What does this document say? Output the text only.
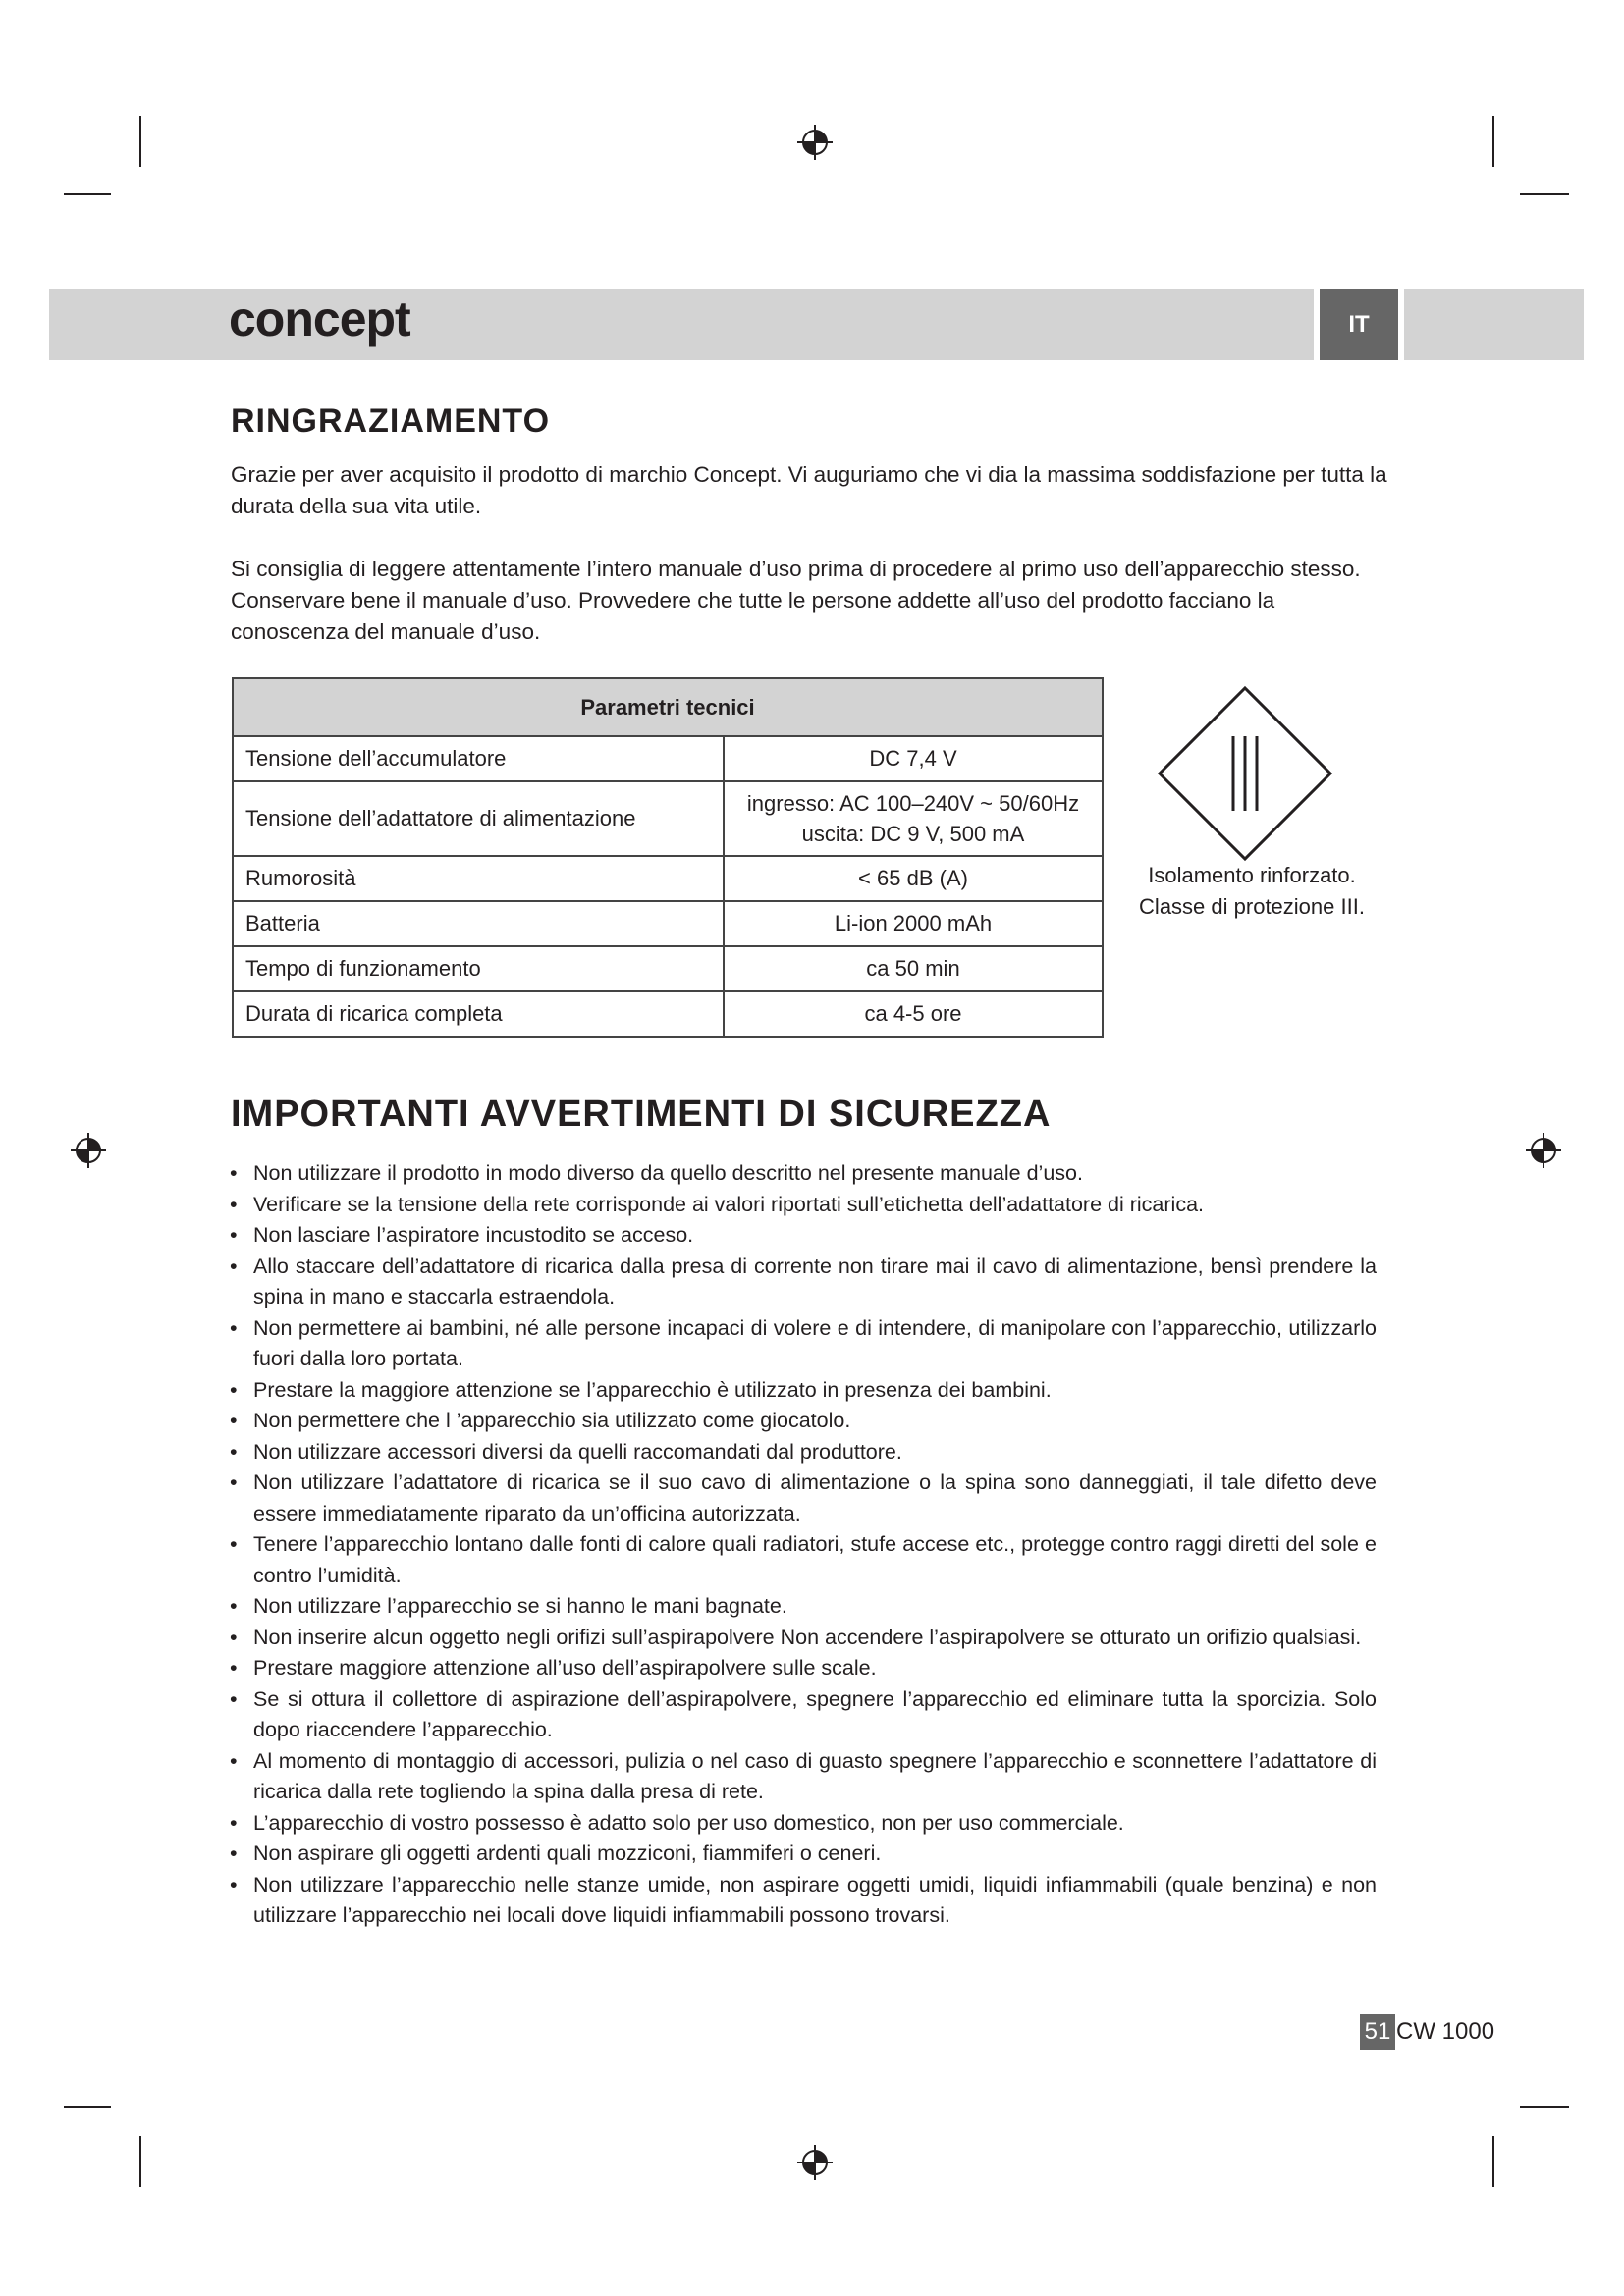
concept	IT
RINGRAZIAMENTO

Grazie per aver acquisito il prodotto di marchio Concept. Vi auguriamo che vi dia la massima soddisfazione per tutta la durata della sua vita utile.

Si consiglia di leggere attentamente l’intero manuale d’uso prima di procedere al primo uso dell’apparecchio stesso. Conservare bene il manuale d’uso. Provvedere che tutte le persone addette all’uso del prodotto facciano la conoscenza del manuale d’uso.

Parametri tecnici	
Tensione dell’accumulatore	DC 7,4 V
Tensione dell’adattatore di alimentazione	ingresso: AC 100–240V ~ 50/60Hz
uscita: DC 9 V, 500 mA

Rumorosità	< 65 dB (A)
Batteria	Li-ion 2000 mAh
Tempo di funzionamento	ca 50 min
Durata di ricarica completa	ca 4-5 ore
Isolamento rinforzato.
Classe di protezione III.
IMPORTANTI AVVERTIMENTI DI SICUREZZA
• Non utilizzare il prodotto in modo diverso da quello descritto nel presente manuale d’uso.
• Verificare se la tensione della rete corrisponde ai valori riportati sull’etichetta dell’adattatore di ricarica.
• Non lasciare l’aspiratore incustodito se acceso.
• Allo staccare dell’adattatore di ricarica dalla presa di corrente non tirare mai il cavo di alimentazione, bensì prendere la spina in mano e staccarla estraendola.
• Non permettere ai bambini, né alle persone incapaci di volere e di intendere, di manipolare con l’apparecchio, utilizzarlo fuori dalla loro portata.
• Prestare la maggiore attenzione se l’apparecchio è utilizzato in presenza dei bambini.
• Non permettere che l ’apparecchio sia utilizzato come giocatolo.
• Non utilizzare accessori diversi da quelli raccomandati dal produttore.
• Non utilizzare l’adattatore di ricarica se il suo cavo di alimentazione o la spina sono danneggiati, il tale difetto deve essere immediatamente riparato da un’officina autorizzata.
• Tenere l’apparecchio lontano dalle fonti di calore quali radiatori, stufe accese etc., protegge contro raggi diretti del sole e contro l’umidità.
• Non utilizzare l’apparecchio se si hanno le mani bagnate.
• Non inserire alcun oggetto negli orifizi sull’aspirapolvere Non accendere l’aspirapolvere se otturato un orifizio qualsiasi.
• Prestare maggiore attenzione all’uso dell’aspirapolvere sulle scale.
• Se si ottura il collettore di aspirazione dell’aspirapolvere, spegnere l’apparecchio ed eliminare tutta la sporcizia. Solo dopo riaccendere l’apparecchio.
• Al momento di montaggio di accessori, pulizia o nel caso di guasto spegnere l’apparecchio e sconnettere l’adattatore di ricarica dalla rete togliendo la spina dalla presa di rete.
• L’apparecchio di vostro possesso è adatto solo per uso domestico, non per uso commerciale.
• Non aspirare gli oggetti ardenti quali mozziconi, fiammiferi o ceneri.
• Non utilizzare l’apparecchio nelle stanze umide, non aspirare oggetti umidi, liquidi infiammabili (quale benzina) e non utilizzare l’apparecchio nei locali dove liquidi infiammabili possono trovarsi.
51 CW 1000
